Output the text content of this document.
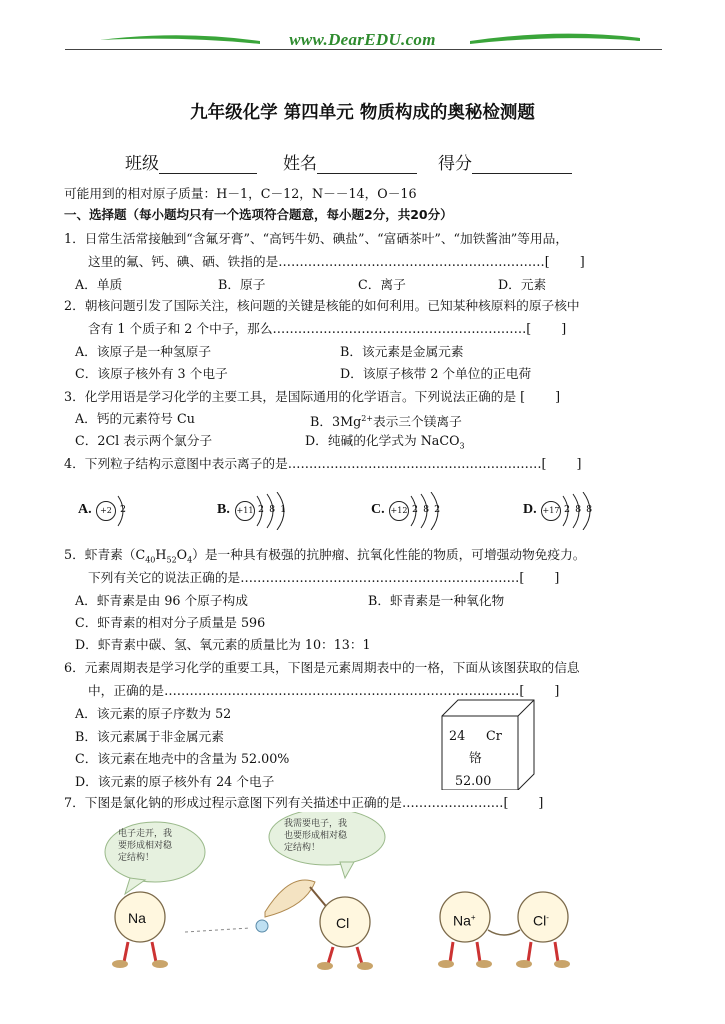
www.DearEDU.com
九年级化学 第四单元 物质构成的奥秘检测题
班级	姓名	得分
可能用到的相对原子质量：H－1，C－12，N－－14，O－16
一、选择题（每小题均只有一个选项符合题意，每小题2分，共20分）
1．日常生活常接触到“含氟牙膏”、“高钙牛奶、碘盐”、“富硒茶叶”、“加铁酱油”等用品，
这里的氟、钙、碘、硒、铁指的是………………………………………………………[ ]
A．单质	B．原子	C．离子	D．元素
2．朝核问题引发了国际关注，核问题的关键是核能的如何利用。已知某种核原料的原子核中
含有 1 个质子和 2 个中子，那么……………………………………………………[ ]
A．该原子是一种氢原子	B．该元素是金属元素
C．该原子核外有 3 个电子	D．该原子核带 2 个单位的正电荷
3．化学用语是学习化学的主要工具，是国际通用的化学语言。下列说法正确的是 [ ]
A．钙的元素符号 Cu	B．$3Mg^{2+}$表示三个镁离子
C．2Cl 表示两个氯分子	D．纯碱的化学式为 NaCO$_3$
4．下列粒子结构示意图中表示离子的是……………………………………………………[ ]
A.	+2 2	B. +11 2 8 1	C. +12 2 8 2	D. +17 2 8 8
5．虾青素$(C_{40}H_{52}O_4)$是一种具有极强的抗肿瘤、抗氧化性能的物质，可增强动物免疫力。
下列有关它的说法正确的是…………………………………………………………[ ]
A．虾青素是由 96 个原子构成	B．虾青素是一种氧化物
C．虾青素的相对分子质量是 596
D．虾青素中碳、氢、氧元素的质量比为 10：13：1
6．元素周期表是学习化学的重要工具，下图是元素周期表中的一格，下面从该图获取的信息
中，正确的是…………………………………………………………………………[ ]
A．该元素的原子序数为 52
B．该元素属于非金属元素
C．该元素在地壳中的含量为 52.00%
D．该元素的原子核外有 24 个电子
24 Cr
铬
52.00
7．下图是氯化钠的形成过程示意图下列有关描述中正确的是……………………[ ]
电子走开，我
要形成相对稳
定结构！
我需要电子，我
也要形成相对稳
定结构！
Na	Cl	Na+	Cl-
